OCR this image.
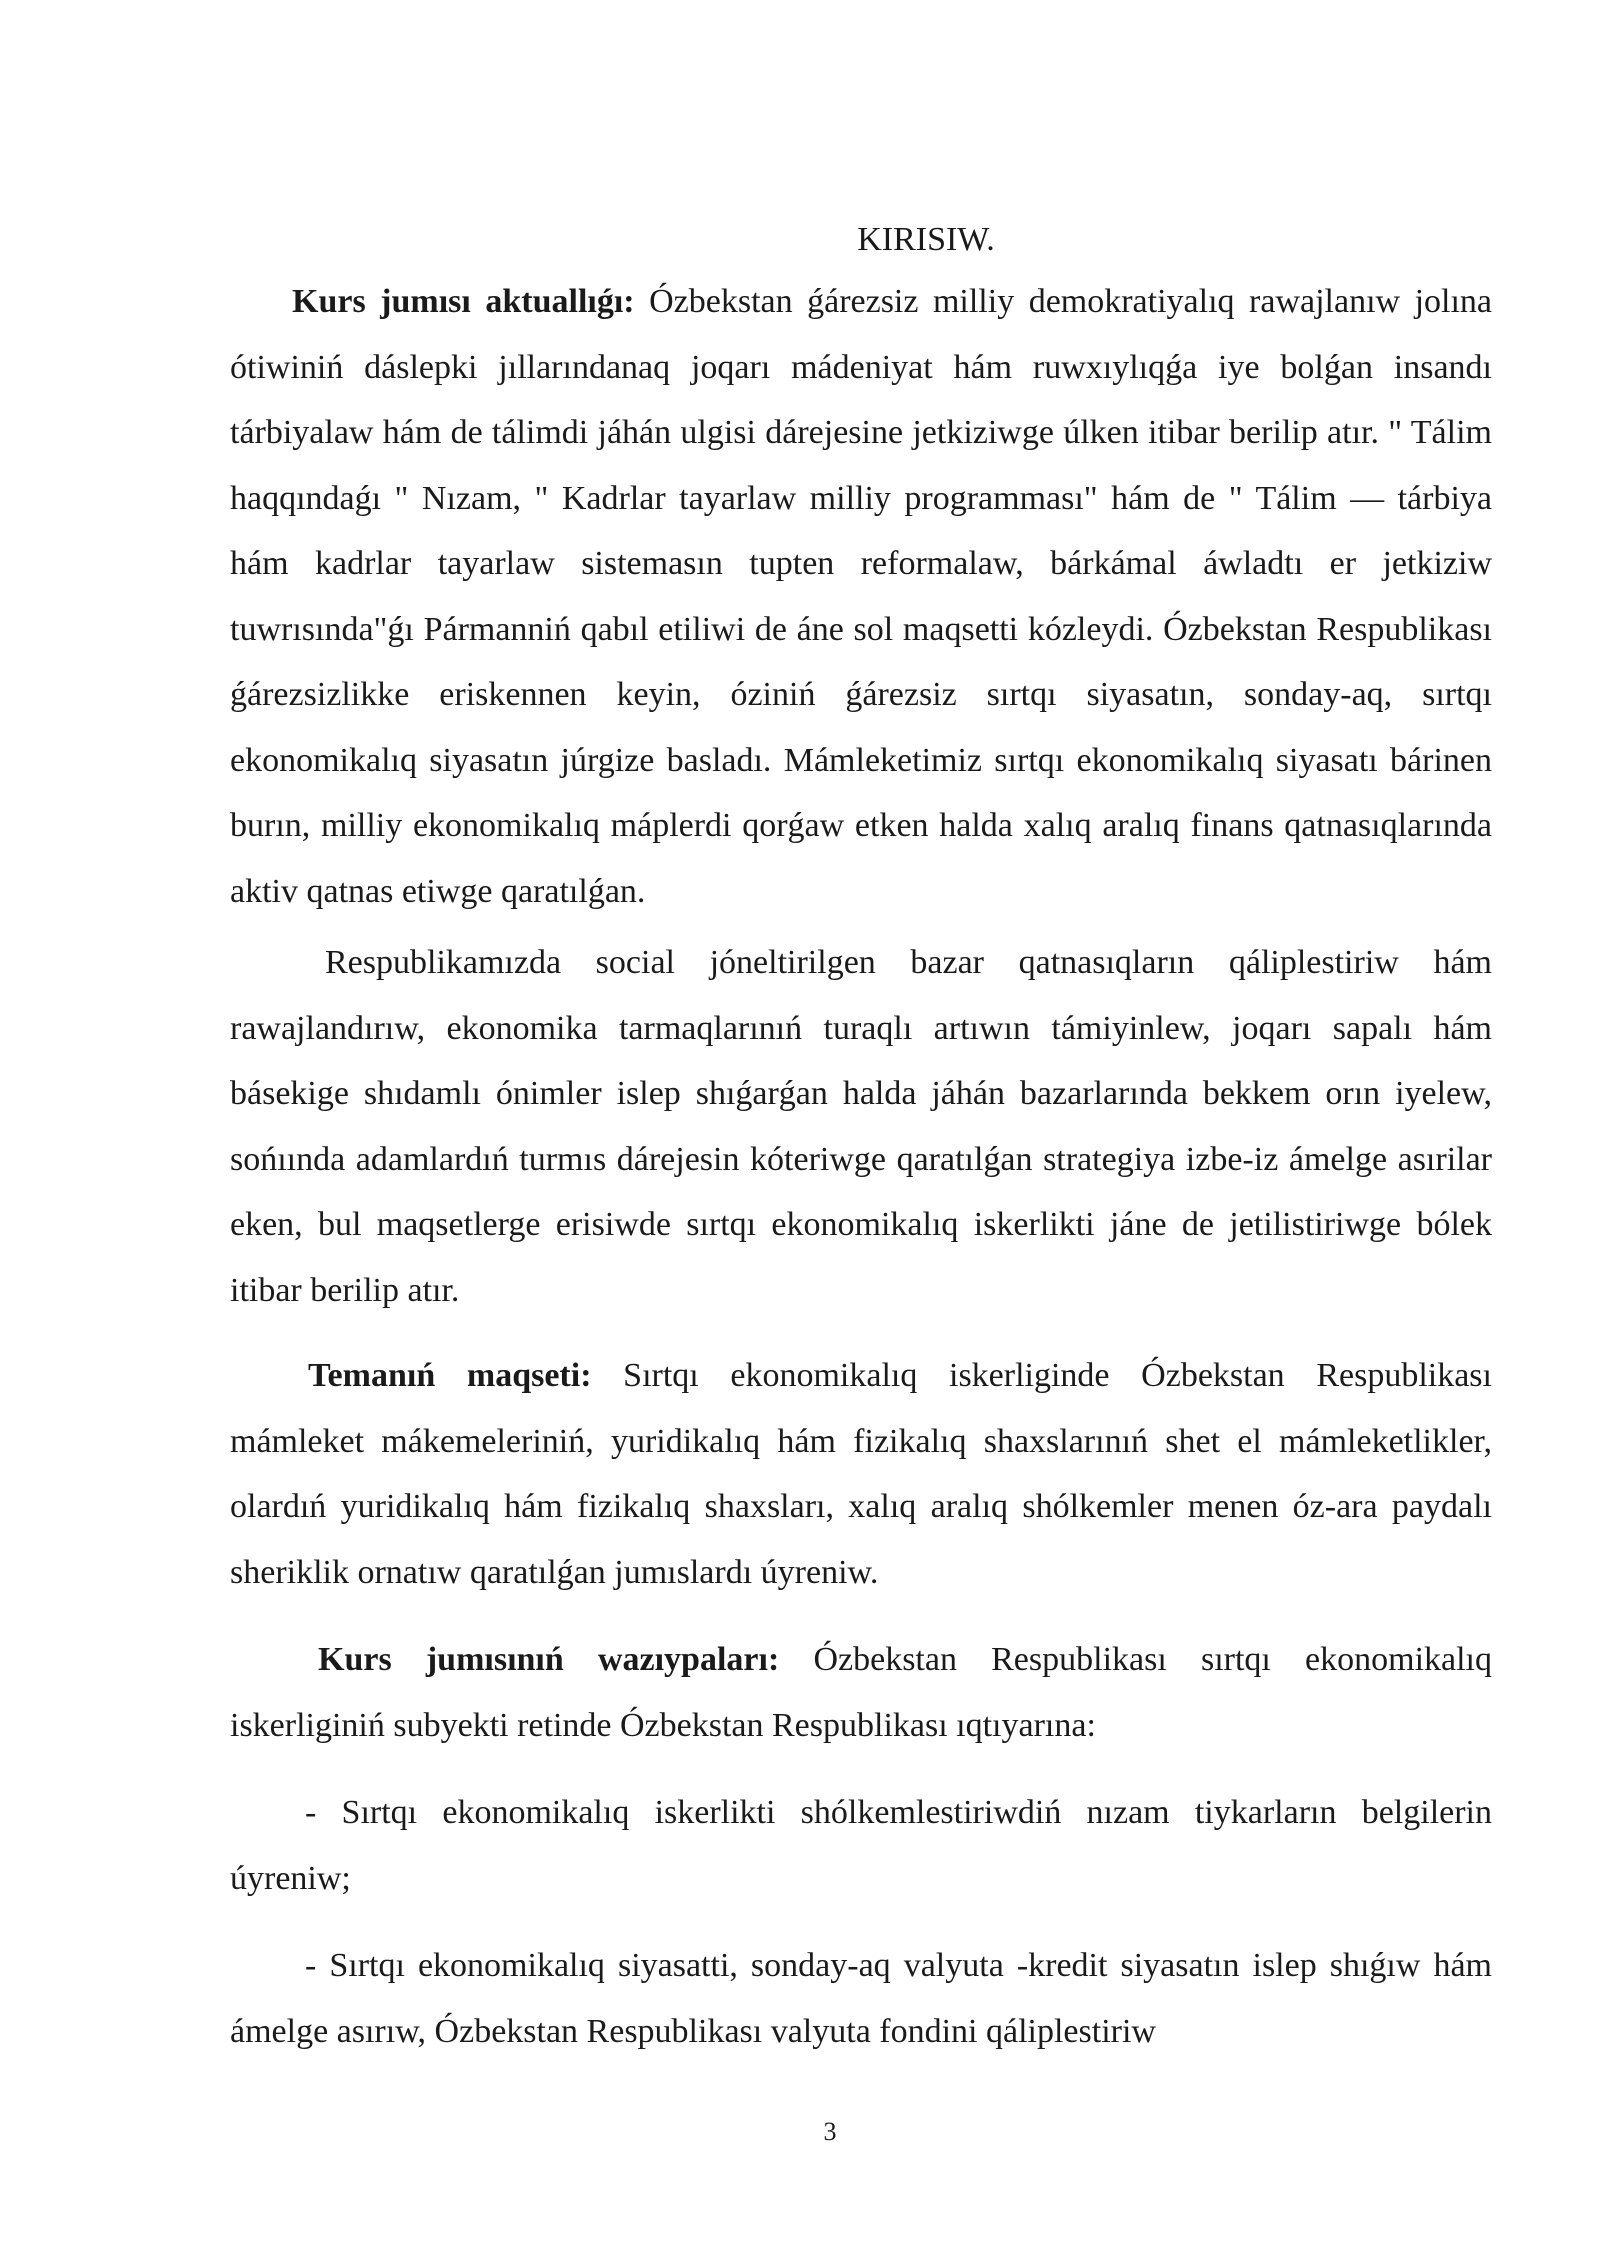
KIRISIW.

Kurs jumısı aktuallıǵı: Ózbekstan ǵárezsiz milliy demokratiyalıq rawajlanıw jolına ótiwiniń dáslepki jıllarındanaq joqarı mádeniyat hám ruwxıylıqǵa iye bolǵan insandı tárbiyalaw hám de tálimdi jáhán ulgisi dárejesine jetkiziwge úlken itibar berilip atır. " Tálim haqqındaǵı " Nızam, " Kadrlar tayarlaw milliy programması" hám de " Tálim — tárbiya hám kadrlar tayarlaw sistemasın tupten reformalaw, bárkámal áwladtı er jetkiziw tuwrısında"ǵı Pármanniń qabıl etiliwi de áne sol maqsetti kózleydi. Ózbekstan Respublikası ǵárezsizlikke eriskennen keyin, óziniń ǵárezsiz sırtqı siyasatın, sonday-aq, sırtqı ekonomikalıq siyasatın júrgize basladı. Mámleketimiz sırtqı ekonomikalıq siyasatı bárinen burın, milliy ekonomikalıq máplerdi qorǵaw etken halda xalıq aralıq finans qatnasıqlarında aktiv qatnas etiwge qaratılǵan.

Respublikamızda social jóneltirilgen bazar qatnasıqların qáliplestiriw hám rawajlandırıw, ekonomika tarmaqlarınıń turaqlı artıwın támiyinlew, joqarı sapalı hám básekige shıdamlı ónimler islep shıǵarǵan halda jáhán bazarlarında bekkem orın iyelew, sońıında adamlardıń turmıs dárejesin kóteriwge qaratılǵan strategiya izbe-iz ámelge asırilar eken, bul maqsetlerge erisiwde sırtqı ekonomikalıq iskerlikti jáne de jetilistiriwge bólek itibar berilip atır.

Temanıń maqseti: Sırtqı ekonomikalıq iskerliginde Ózbekstan Respublikası mámleket mákemeleriniń, yuridikalıq hám fizikalıq shaxslarınıń shet el mámleketlikler, olardıń yuridikalıq hám fizikalıq shaxsları, xalıq aralıq shólkemler menen óz-ara paydalı sheriklik ornatıw qaratılǵan jumıslardı úyreniw.

Kurs jumısınıń wazıypaları: Ózbekstan Respublikası sırtqı ekonomikalıq iskerliginiń subyekti retinde Ózbekstan Respublikası ıqtıyarına:

- Sırtqı ekonomikalıq iskerlikti shólkemlestiriwdiń nızam tiykarların belgilerin úyreniw;

- Sırtqı ekonomikalıq siyasatti, sonday-aq valyuta -kredit siyasatın islep shıǵıw hám ámelge asırıw, Ózbekstan Respublikası valyuta fondini qáliplestiriw

3
